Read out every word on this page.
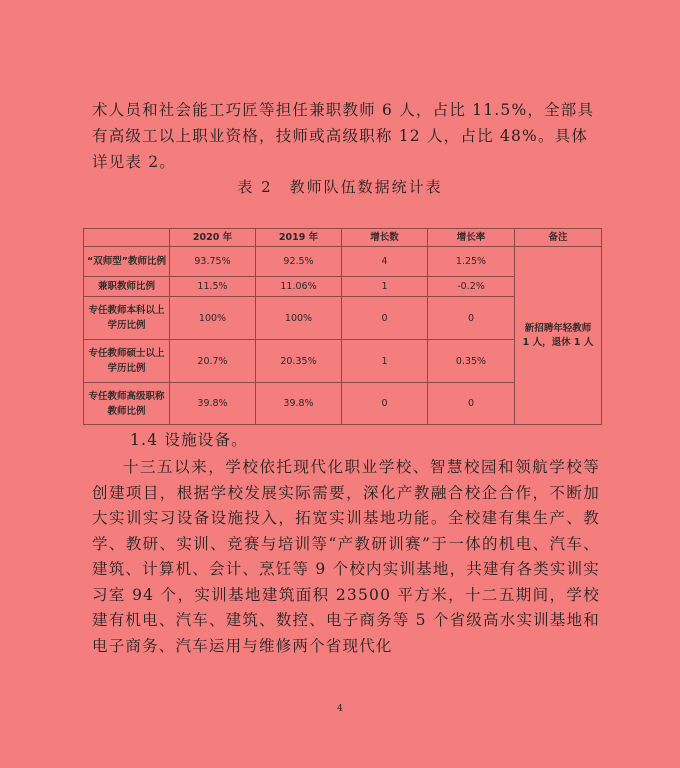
术人员和社会能工巧匠等担任兼职教师 6 人，占比 11.5%，全部具有高级工以上职业资格，技师或高级职称 12 人，占比 48%。具体详见表 2。

表 2　教师队伍数据统计表
	2020 年	2019 年	增长数	增长率	备注
“双师型”教师比例	93.75%	92.5%	4	1.25%	新招聘年轻教师 1 人，退休 1 人
兼职教师比例	11.5%	11.06%	1	-0.2%	
专任教师本科以上学历比例	100%	100%	0	0	
专任教师硕士以上学历比例	20.7%	20.35%	1	0.35%	
专任教师高级职称教师比例	39.8%	39.8%	0	0	
1.4 设施设备。

十三五以来，学校依托现代化职业学校、智慧校园和领航学校等创建项目，根据学校发展实际需要，深化产教融合校企合作，不断加大实训实习设备设施投入，拓宽实训基地功能。全校建有集生产、教学、教研、实训、竞赛与培训等“产教研训赛”于一体的机电、汽车、建筑、计算机、会计、烹饪等 9 个校内实训基地，共建有各类实训实习室 94 个，实训基地建筑面积 23500 平方米，十二五期间，学校建有机电、汽车、建筑、数控、电子商务等 5 个省级高水实训基地和电子商务、汽车运用与维修两个省现代化

4
